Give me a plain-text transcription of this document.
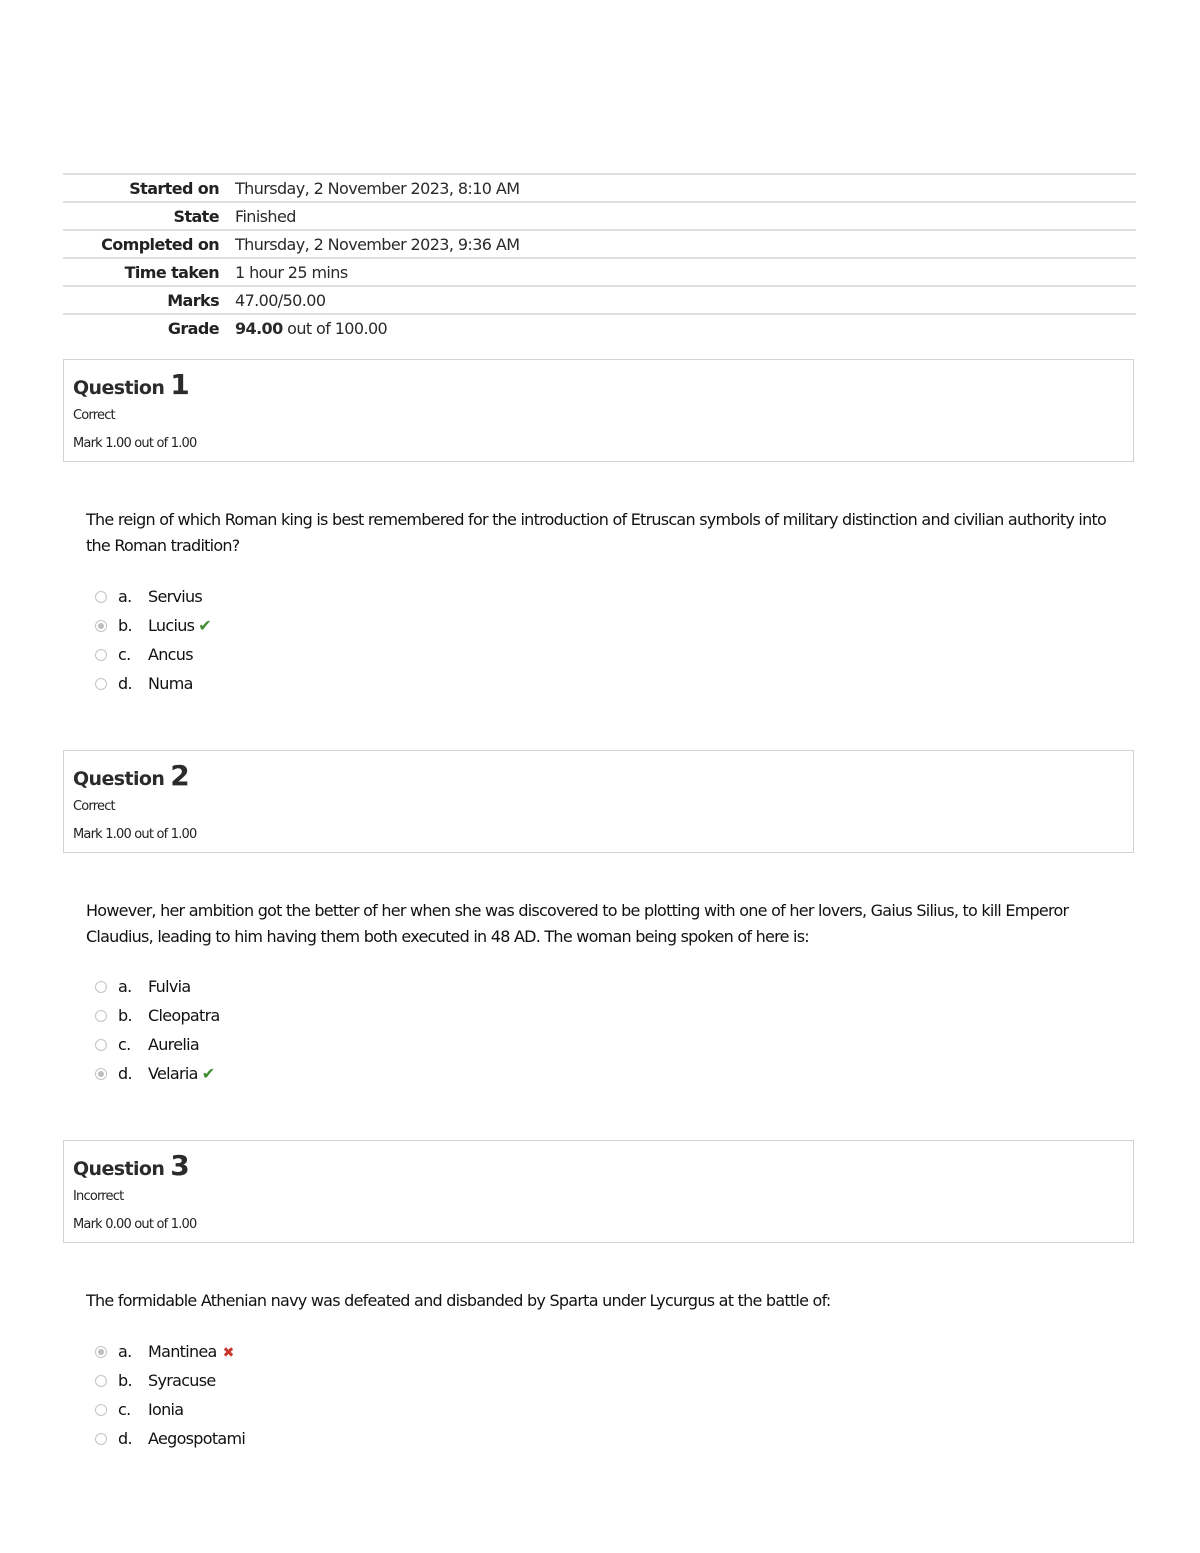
Started on	Thursday, 2 November 2023, 8:10 AM
State	Finished
Completed on	Thursday, 2 November 2023, 9:36 AM
Time taken	1 hour 25 mins
Marks	47.00/50.00
Grade	94.00 out of 100.00
Question 1
Correct
Mark 1.00 out of 1.00
The reign of which Roman king is best remembered for the introduction of Etruscan symbols of military distinction and civilian authority into the Roman tradition?
a. Servius
b. Lucius ✔
c. Ancus
d. Numa
Question 2
Correct
Mark 1.00 out of 1.00
However, her ambition got the better of her when she was discovered to be plotting with one of her lovers, Gaius Silius, to kill Emperor Claudius, leading to him having them both executed in 48 AD. The woman being spoken of here is:
a. Fulvia
b. Cleopatra
c. Aurelia
d. Velaria ✔
Question 3
Incorrect
Mark 0.00 out of 1.00
The formidable Athenian navy was defeated and disbanded by Sparta under Lycurgus at the battle of:
a. Mantinea ✖
b. Syracuse
c. Ionia
d. Aegospotami
